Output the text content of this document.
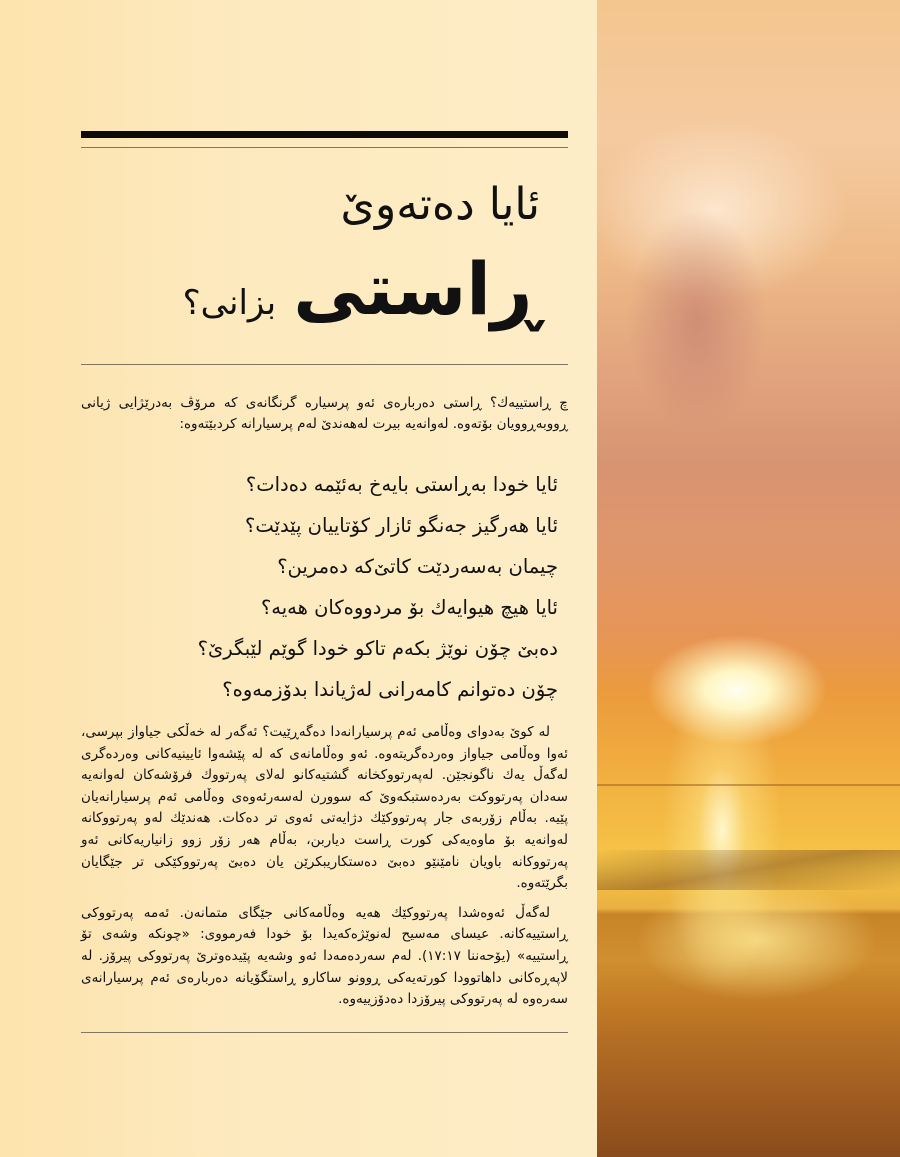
ئایا دەتەوێ
ڕاستی بزانی؟
چ ڕاستییەك؟ ڕاستی دەربارەی ئەو پرسیارە گرنگانەی کە مرۆڤ بەدرێژایی ژیانی ڕووبەڕوویان بۆتەوە. لەوانەیە بیرت لەهەندێ لەم پرسیارانە کردبێتەوە:
ئایا خودا بەڕاستی بایەخ بەئێمە دەدات؟
ئایا هەرگیز جەنگو ئازار کۆتاییان پێدێت؟
چیمان بەسەردێت کاتێ‌کە دەمرین؟
ئایا هیچ هیوایەك بۆ مردووەکان هەیە؟
دەبێ چۆن نوێژ بکەم تاکو خودا گوێم لێبگرێ؟
چۆن دەتوانم کامەرانی لەژیاندا بدۆزمەوە؟

لە کوێ بەدوای وەڵامی ئەم پرسیارانەدا دەگەڕێیت؟ ئەگەر لە خەڵکی جیاواز بپرسی، ئەوا وەڵامی جیاواز وەردەگریتەوە. ئەو وەڵامانەی کە لە پێشەوا ئایینیەکانی وەردەگری لەگەڵ یەك ناگونجێن. لەپەرتووکخانە گشتیەکانو لەلای پەرتووك فرۆشەکان لەوانەیە سەدان پەرتووکت بەردەستبکەوێ کە سوورن لەسەرئەوەی وەڵامی ئەم پرسیارانەیان پێیە. بەڵام زۆربەی جار پەرتووکێك دژایەتی ئەوی تر دەکات. هەندێك لەو پەرتووکانە لەوانەیە بۆ ماوەیەکی کورت ڕاست دیاربن، بەڵام هەر زۆر زوو زانیاریەکانی ئەو پەرتووکانە باویان نامێنێو دەبێ دەستکاریبکرێن یان دەبێ پەرتووکێکی تر جێگایان بگرێتەوە.

لەگەڵ ئەوەشدا پەرتووکێك هەیە وەڵامەکانی جێگای متمانەن. ئەمە پەرتووکی ڕاستییەکانە. عیسای مەسیح لەنوێژەکەیدا بۆ خودا فەرمووی: «چونکە وشەی تۆ ڕاستییە» (یۆحەننا ١٧:١٧). لەم سەردەمەدا ئەو وشەیە پێیدەوترێ پەرتووکی پیرۆز. لە لاپەڕەکانی داهاتوودا کورتەیەکی ڕوونو ساکارو ڕاستگۆیانە دەربارەی ئەم پرسیارانەی سەرەوە لە پەرتووکی پیرۆزدا دەدۆزییەوە.
